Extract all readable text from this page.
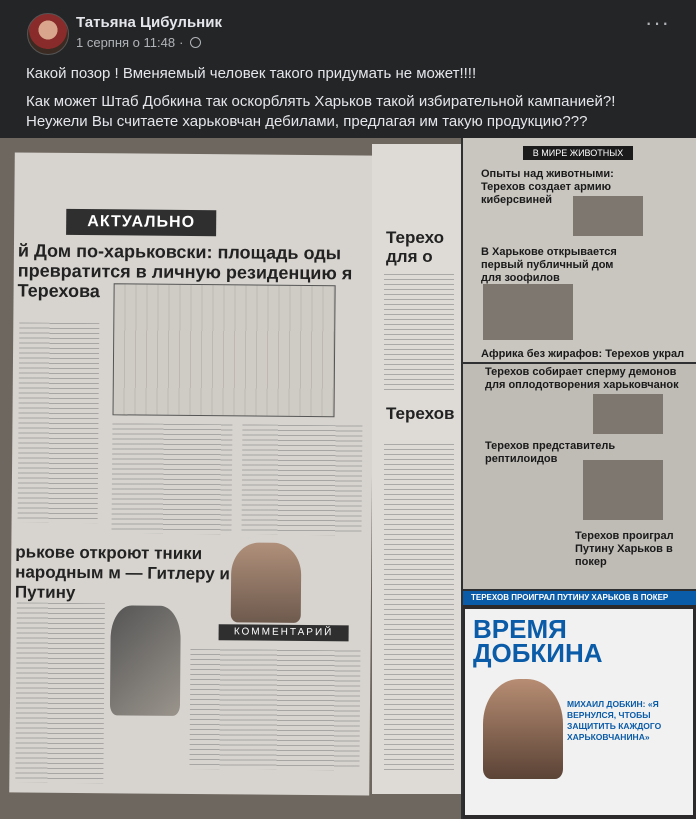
Татьяна Цибульник
1 серпня о 11:48 ·
···
Какой позор ! Вменяемый человек такого придумать не может!!!!
Как может Штаб Добкина так оскорблять Харьков такой избирательной кампанией?!
Неужели Вы считаете харьковчан дебилами, предлагая им такую продукцию???
АКТУАЛЬНО
й Дом по-харьковски: площадь оды превратится в личную резиденцию я Терехова
рьковe откроют тники народным м — Гитлеру и Путину
КОММЕНТАРИЙ
Терехо для о
Терехов
В МИРЕ ЖИВОТНЫХ
Опыты над животными: Терехов создает армию киберсвиней
В Харькове открывается первый публичный дом для зоофилов
Африка без жирафов: Терехов украл
Терехов собирает сперму демонов для оплодотворения харьковчанок
Терехов представитель рептилоидов
Терехов проиграл Путину Харьков в покер
ТЕРЕХОВ ПРОИГРАЛ ПУТИНУ ХАРЬКОВ В ПОКЕР
ВРЕМЯ
ДОБКИНА
МИХАИЛ ДОБКИН: «Я ВЕРНУЛСЯ, ЧТОБЫ ЗАЩИТИТЬ КАЖДОГО ХАРЬКОВЧАНИНА»
